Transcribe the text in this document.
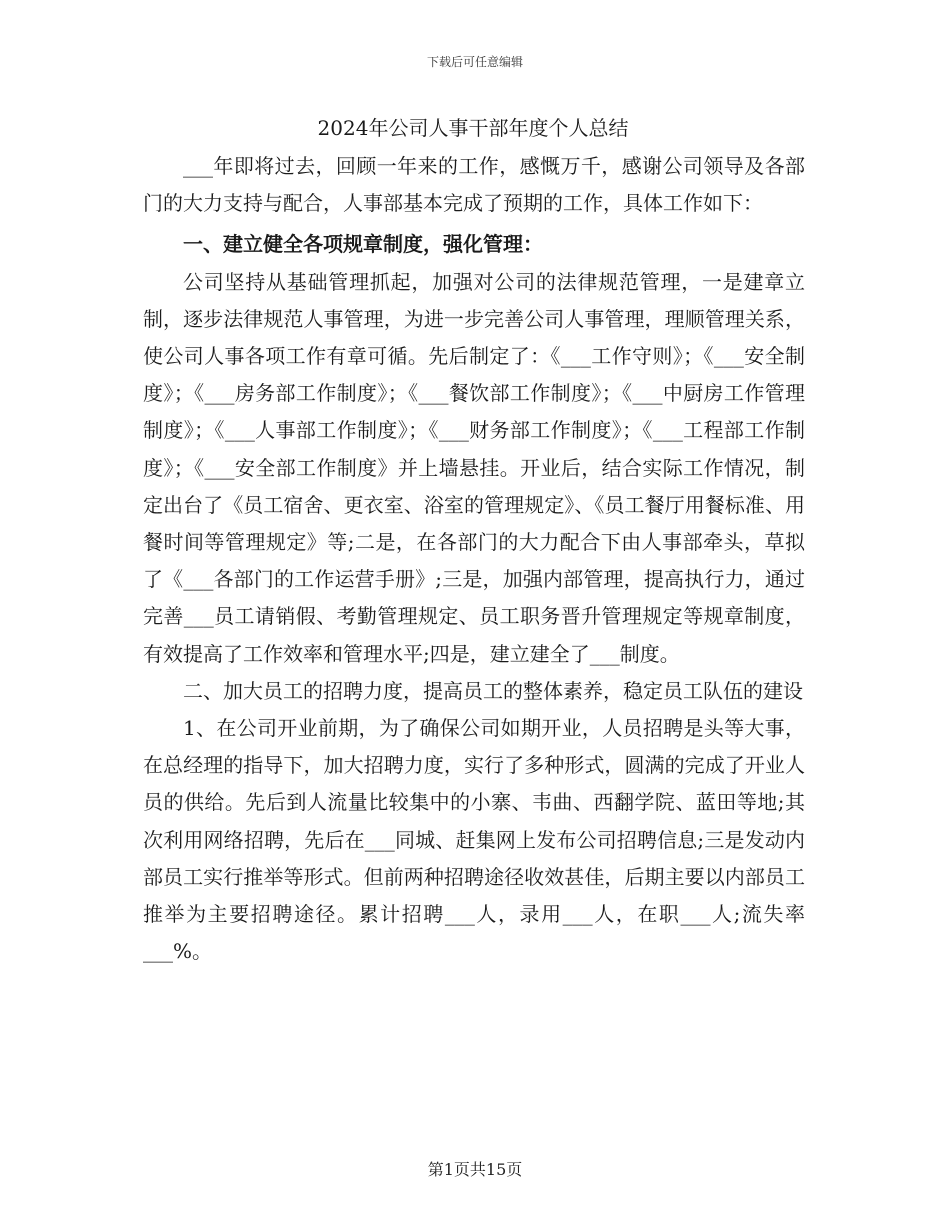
下载后可任意编辑
2024年公司人事干部年度个人总结

___年即将过去，回顾一年来的工作，感慨万千，感谢公司领导及各部门的大力支持与配合，人事部基本完成了预期的工作，具体工作如下：

一、建立健全各项规章制度，强化管理：

公司坚持从基础管理抓起，加强对公司的法律规范管理，一是建章立制，逐步法律规范人事管理，为进一步完善公司人事管理，理顺管理关系，使公司人事各项工作有章可循。先后制定了：《___工作守则》；《___安全制度》；《___房务部工作制度》；《___餐饮部工作制度》；《___中厨房工作管理制度》；《___人事部工作制度》；《___财务部工作制度》；《___工程部工作制度》；《___安全部工作制度》并上墙悬挂。开业后，结合实际工作情况，制定出台了《员工宿舍、更衣室、浴室的管理规定》、《员工餐厅用餐标准、用餐时间等管理规定》等;二是，在各部门的大力配合下由人事部牵头，草拟了《___各部门的工作运营手册》;三是，加强内部管理，提高执行力，通过完善___员工请销假、考勤管理规定、员工职务晋升管理规定等规章制度，有效提高了工作效率和管理水平;四是，建立建全了___制度。

二、加大员工的招聘力度，提高员工的整体素养，稳定员工队伍的建设

1、在公司开业前期，为了确保公司如期开业，人员招聘是头等大事，在总经理的指导下，加大招聘力度，实行了多种形式，圆满的完成了开业人员的供给。先后到人流量比较集中的小寨、韦曲、西翻学院、蓝田等地;其次利用网络招聘，先后在___同城、赶集网上发布公司招聘信息;三是发动内部员工实行推举等形式。但前两种招聘途径收效甚佳，后期主要以内部员工推举为主要招聘途径。累计招聘___人，录用___人，在职___人;流失率___%。

第1页共15页
